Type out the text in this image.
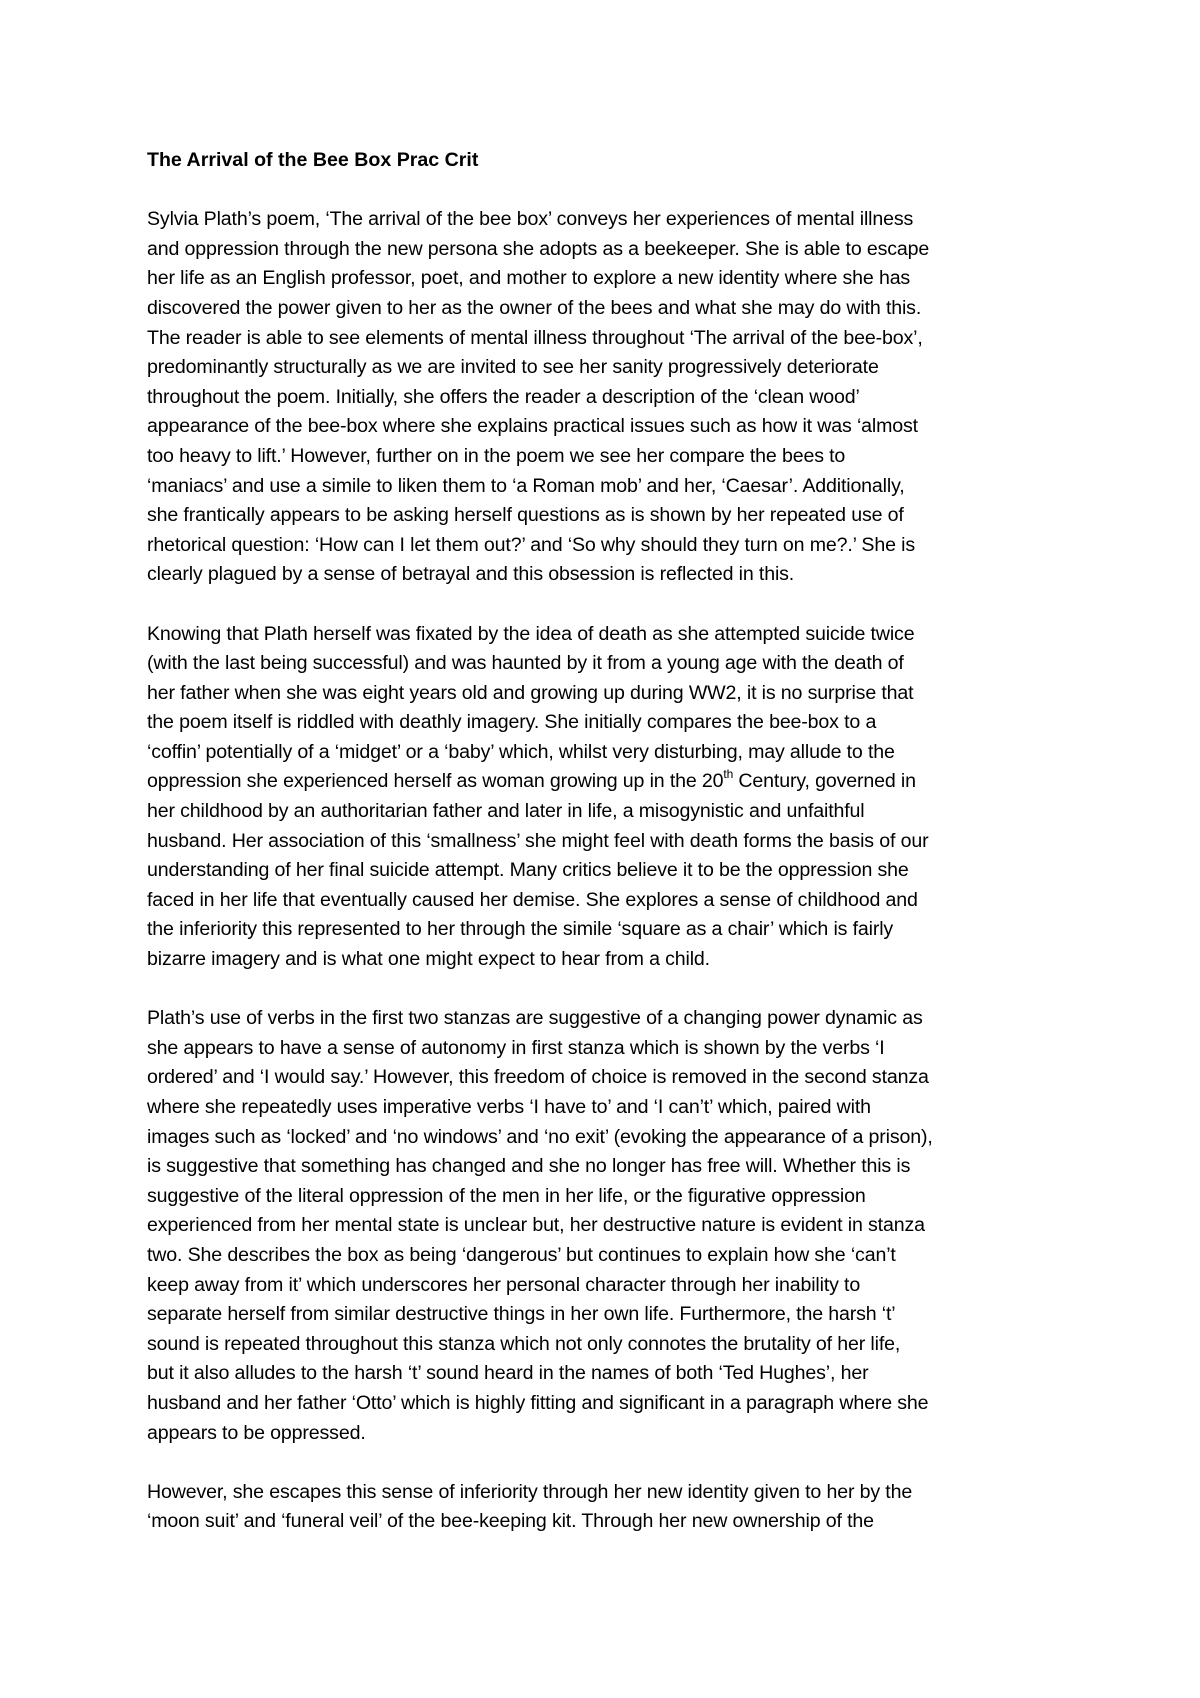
The Arrival of the Bee Box Prac Crit
Sylvia Plath’s poem, ‘The arrival of the bee box’ conveys her experiences of mental illness
and oppression through the new persona she adopts as a beekeeper. She is able to escape
her life as an English professor, poet, and mother to explore a new identity where she has
discovered the power given to her as the owner of the bees and what she may do with this.
The reader is able to see elements of mental illness throughout ‘The arrival of the bee-box’,
predominantly structurally as we are invited to see her sanity progressively deteriorate
throughout the poem. Initially, she offers the reader a description of the ‘clean wood’
appearance of the bee-box where she explains practical issues such as how it was ‘almost
too heavy to lift.’ However, further on in the poem we see her compare the bees to
‘maniacs’ and use a simile to liken them to ‘a Roman mob’ and her, ‘Caesar’. Additionally,
she frantically appears to be asking herself questions as is shown by her repeated use of
rhetorical question: ‘How can I let them out?’ and ‘So why should they turn on me?.’ She is
clearly plagued by a sense of betrayal and this obsession is reflected in this.
Knowing that Plath herself was fixated by the idea of death as she attempted suicide twice
(with the last being successful) and was haunted by it from a young age with the death of
her father when she was eight years old and growing up during WW2, it is no surprise that
the poem itself is riddled with deathly imagery. She initially compares the bee-box to a
‘coffin’ potentially of a ‘midget’ or a ‘baby’ which, whilst very disturbing, may allude to the
oppression she experienced herself as woman growing up in the 20th Century, governed in
her childhood by an authoritarian father and later in life, a misogynistic and unfaithful
husband. Her association of this ‘smallness’ she might feel with death forms the basis of our
understanding of her final suicide attempt. Many critics believe it to be the oppression she
faced in her life that eventually caused her demise. She explores a sense of childhood and
the inferiority this represented to her through the simile ‘square as a chair’ which is fairly
bizarre imagery and is what one might expect to hear from a child.
Plath’s use of verbs in the first two stanzas are suggestive of a changing power dynamic as
she appears to have a sense of autonomy in first stanza which is shown by the verbs ‘I
ordered’ and ‘I would say.’ However, this freedom of choice is removed in the second stanza
where she repeatedly uses imperative verbs ‘I have to’ and ‘I can’t’ which, paired with
images such as ‘locked’ and ‘no windows’ and ‘no exit’ (evoking the appearance of a prison),
is suggestive that something has changed and she no longer has free will. Whether this is
suggestive of the literal oppression of the men in her life, or the figurative oppression
experienced from her mental state is unclear but, her destructive nature is evident in stanza
two. She describes the box as being ‘dangerous’ but continues to explain how she ‘can’t
keep away from it’ which underscores her personal character through her inability to
separate herself from similar destructive things in her own life. Furthermore, the harsh ‘t’
sound is repeated throughout this stanza which not only connotes the brutality of her life,
but it also alludes to the harsh ‘t’ sound heard in the names of both ‘Ted Hughes’, her
husband and her father ‘Otto’ which is highly fitting and significant in a paragraph where she
appears to be oppressed.
However, she escapes this sense of inferiority through her new identity given to her by the
‘moon suit’ and ‘funeral veil’ of the bee-keeping kit. Through her new ownership of the
